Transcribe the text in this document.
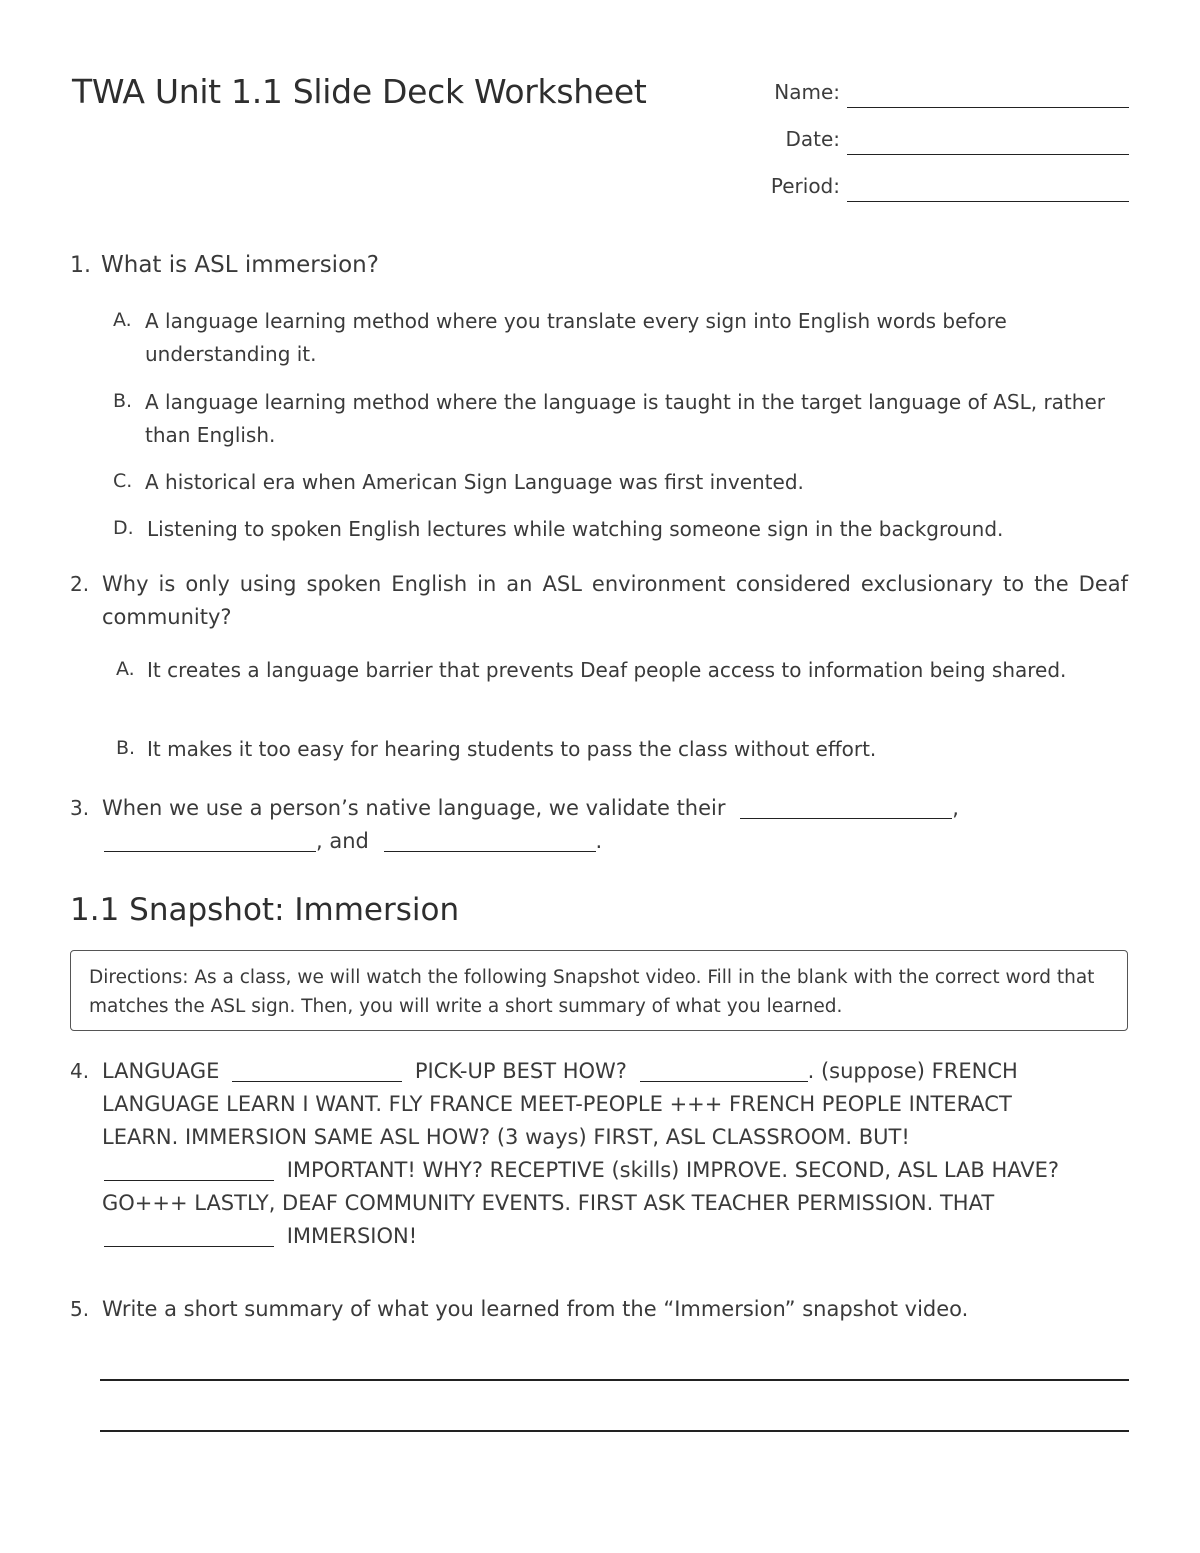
TWA Unit 1.1 Slide Deck Worksheet	Name:
Date:
Period:
1. What is ASL immersion?
A. A language learning method where you translate every sign into English words before understanding it.
B. A language learning method where the language is taught in the target language of ASL, rather than English.
C. A historical era when American Sign Language was first invented.
D. Listening to spoken English lectures while watching someone sign in the background.
2. Why is only using spoken English in an ASL environment considered exclusionary to the Deaf community?
A. It creates a language barrier that prevents Deaf people access to information being shared.
B. It makes it too easy for hearing students to pass the class without effort.
3. When we use a person’s native language, we validate their	,
, and	.
1.1 Snapshot: Immersion
Directions: As a class, we will watch the following Snapshot video. Fill in the blank with the correct word that matches the ASL sign. Then, you will write a short summary of what you learned.
4. LANGUAGE	PICK-UP BEST HOW?	. (suppose) FRENCH
LANGUAGE LEARN I WANT. FLY FRANCE MEET-PEOPLE +++ FRENCH PEOPLE INTERACT
LEARN. IMMERSION SAME ASL HOW? (3 ways) FIRST, ASL CLASSROOM. BUT!
IMPORTANT! WHY? RECEPTIVE (skills) IMPROVE. SECOND, ASL LAB HAVE?
GO+++ LASTLY, DEAF COMMUNITY EVENTS. FIRST ASK TEACHER PERMISSION. THAT
IMMERSION!
5. Write a short summary of what you learned from the “Immersion” snapshot video.
